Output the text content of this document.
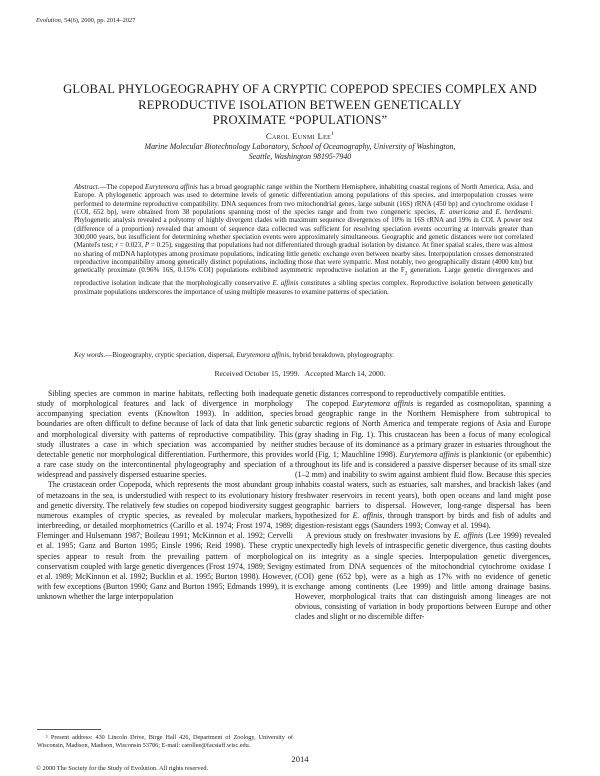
Evolution, 54(6), 2000, pp. 2014–2027
GLOBAL PHYLOGEOGRAPHY OF A CRYPTIC COPEPOD SPECIES COMPLEX AND
REPRODUCTIVE ISOLATION BETWEEN GENETICALLY
PROXIMATE “POPULATIONS”
Carol Eunmi Lee$^1$
Marine Molecular Biotechnology Laboratory, School of Oceanography, University of Washington,
Seattle, Washington 98195-7940
Abstract.—The copepod Eurytemora affinis has a broad geographic range within the Northern Hemisphere, inhabiting coastal regions of North America, Asia, and Europe. A phylogenetic approach was used to determine levels of genetic differentiation among populations of this species, and interpopulation crosses were performed to determine reproductive compatibility. DNA sequences from two mitochondrial genes, large subunit (16S) rRNA (450 bp) and cytochrome oxidase I (COI, 652 bp), were obtained from 38 populations spanning most of the species range and from two congeneric species, E. americana and E. herdmani. Phylogenetic analysis revealed a polytomy of highly divergent clades with maximum sequence divergences of 10% in 16S rRNA and 19% in COI. A power test (difference of a proportion) revealed that amount of sequence data collected was sufficient for resolving speciation events occurring at intervals greater than 300,000 years, but insufficient for determining whether speciation events were approximately simultaneous. Geographic and genetic distances were not correlated (Mantel's test; r = 0.023, P = 0.25), suggesting that populations had not differentiated through gradual isolation by distance. At finer spatial scales, there was almost no sharing of mtDNA haplotypes among proximate populations, indicating little genetic exchange even between nearby sites. Interpopulation crosses demonstrated reproductive incompatibility among genetically distinct populations, including those that were sympatric. Most notably, two geographically distant (4000 km) but genetically proximate (0.96% 16S, 0.15% COI) populations exhibited asymmetric reproductive isolation at the $F_2$ generation. Large genetic divergences and reproductive isolation indicate that the morphologically conservative E. affinis constitutes a sibling species complex. Reproductive isolation between genetically proximate populations underscores the importance of using multiple measures to examine patterns of speciation.
Key words.—Biogeography, cryptic speciation, dispersal, Eurytemora affinis, hybrid breakdown, phylogeography.
Received October 15, 1999.   Accepted March 14, 2000.

Sibling species are common in marine habitats, reflecting both inadequate study of morphological features and lack of divergence in morphology accompanying speciation events (Knowlton 1993). In addition, species boundaries are often difficult to define because of lack of data that link genetic and morphological diversity with patterns of reproductive compatibility. This study illustrates a case in which speciation was accompanied by neither detectable genetic nor morphological differentiation. Furthermore, this provides a rare case study on the intercontinental phylogeography and speciation of a widespread and passively dispersed estuarine species.

The crustacean order Copepoda, which represents the most abundant group of metazoans in the sea, is understudied with respect to its evolutionary history and genetic diversity. The relatively few studies on copepod biodiversity suggest numerous examples of cryptic species, as revealed by molecular markers, interbreeding, or detailed morphometrics (Carillo et al. 1974; Frost 1974, 1989; Fleminger and Hulsemann 1987; Boileau 1991; McKinnon et al. 1992; Cervelli et al. 1995; Ganz and Burton 1995; Einsle 1996; Reid 1998). These cryptic species appear to result from the prevailing pattern of morphological conservatism coupled with large genetic divergences (Frost 1974, 1989; Sevigny et al. 1989; McKinnon et al. 1992; Bucklin et al. 1995; Burton 1998). However, with few exceptions (Burton 1990; Ganz and Burton 1995; Edmands 1999), it is unknown whether the large interpopulation

genetic distances correspond to reproductively compatible entities.

The copepod Eurytemora affinis is regarded as cosmopolitan, spanning a broad geographic range in the Northern Hemisphere from subtropical to subarctic regions of North America and temperate regions of Asia and Europe (gray shading in Fig. 1). This crustacean has been a focus of many ecological studies because of its dominance as a primary grazer in estuaries throughout the world (Fig. 1; Mauchline 1998). Eurytemora affinis is planktonic (or epibenthic) throughout its life and is considered a passive disperser because of its small size (1–2 mm) and inability to swim against ambient fluid flow. Because this species inhabits coastal waters, such as estuaries, salt marshes, and brackish lakes (and freshwater reservoirs in recent years), both open oceans and land might pose geographic barriers to dispersal. However, long-range dispersal has been hypothesized for E. affinis, through transport by birds and fish of adults and digestion-resistant eggs (Saunders 1993; Conway et al. 1994).

A previous study on freshwater invasions by E. affinis (Lee 1999) revealed unexpectedly high levels of intraspecific genetic divergence, thus casting doubts on its integrity as a single species. Interpopulation genetic divergences, estimated from DNA sequences of the mitochondrial cytochrome oxidase I (COI) gene (652 bp), were as a high as 17% with no evidence of genetic exchange among continents (Lee 1999) and little among drainage basins. However, morphological traits that can distinguish among lineages are not obvious, consisting of variation in body proportions between Europe and other clades and slight or no discernible differ-

¹ Present address: 430 Lincoln Drive, Birge Hall 426, Department of Zoology, University of Wisconsin, Madison, Madison, Wisconsin 53706; E-mail: carollee@facstaff.wisc.edu.
2014
© 2000 The Society for the Study of Evolution. All rights reserved.
